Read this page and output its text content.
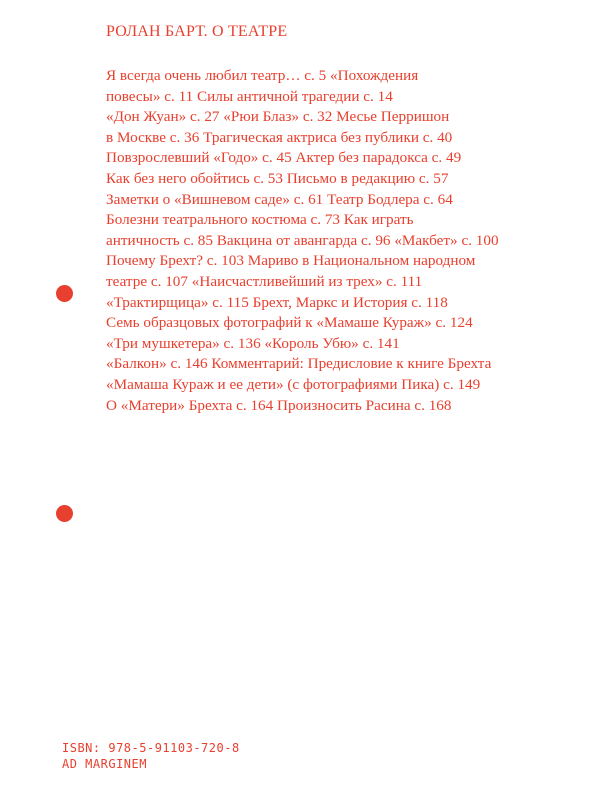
РОЛАН БАРТ. О ТЕАТРЕ
Я всегда очень любил театр… с. 5 «Похождения
повесы» с. 11 Силы античной трагедии с. 14
«Дон Жуан» с. 27 «Рюи Блаз» с. 32 Месье Перришон
в Москве с. 36 Трагическая актриса без публики с. 40
Повзрослевший «Годо» с. 45 Актер без парадокса с. 49
Как без него обойтись с. 53 Письмо в редакцию с. 57
Заметки о «Вишневом саде» с. 61 Театр Бодлера с. 64
Болезни театрального костюма с. 73 Как играть
античность с. 85 Вакцина от авангарда с. 96 «Макбет» с. 100
Почему Брехт? с. 103 Мариво в Национальном народном
театре с. 107 «Наисчастливейший из трех» с. 111
«Трактирщица» с. 115 Брехт, Маркс и История с. 118
Семь образцовых фотографий к «Мамаше Кураж» с. 124
«Три мушкетера» с. 136 «Король Убю» с. 141
«Балкон» с. 146 Комментарий: Предисловие к книге Брехта
«Мамаша Кураж и ее дети» (с фотографиями Пика) с. 149
О «Матери» Брехта с. 164 Произносить Расина с. 168
ISBN: 978-5-91103-720-8
AD MARGINEM
